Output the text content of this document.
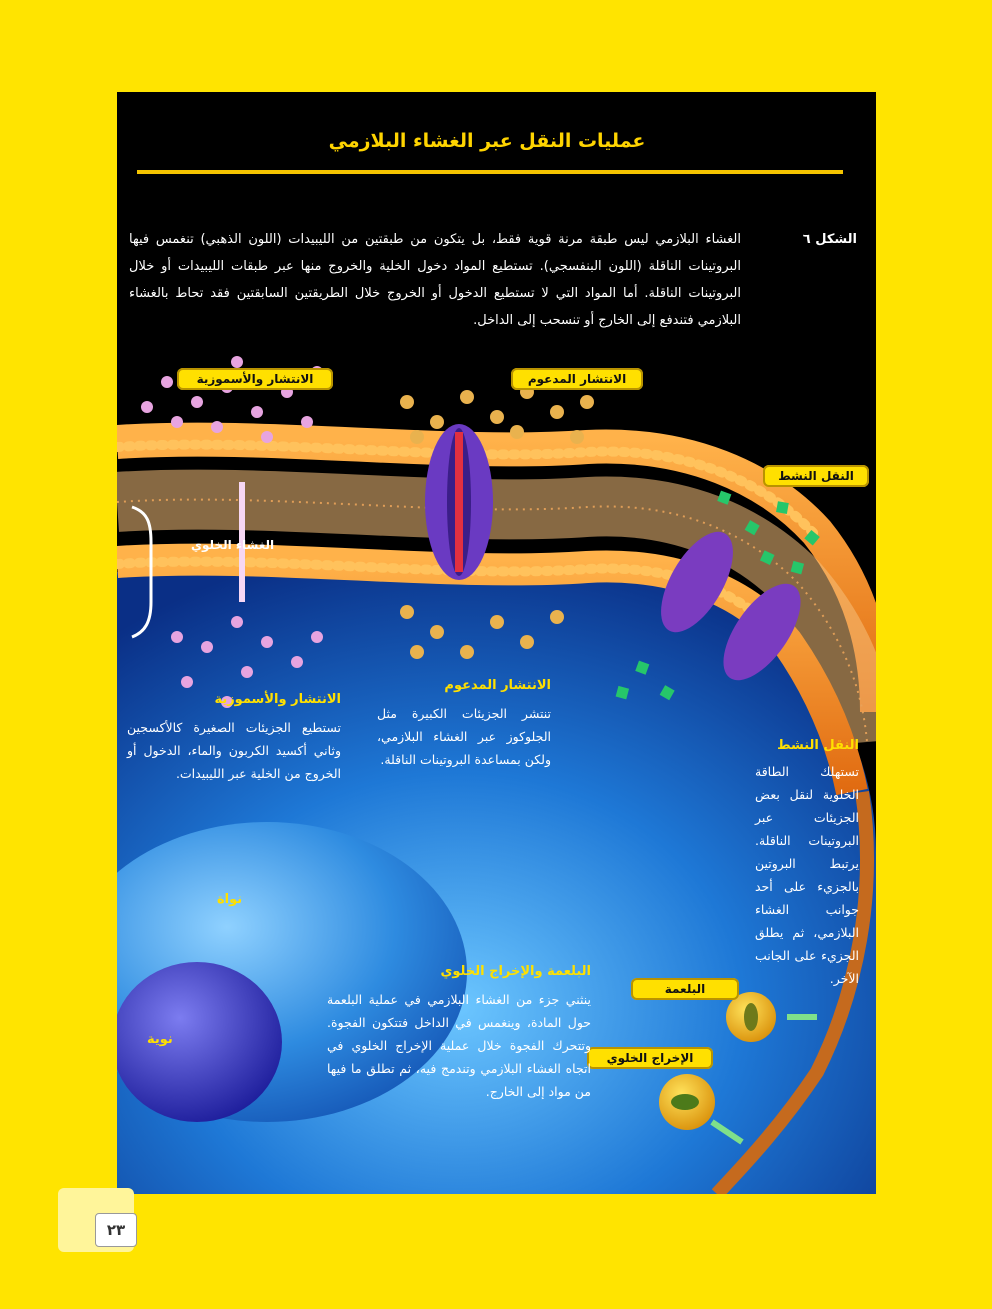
عمليات النقل عبر الغشاء البلازمي
الشكل ٦
الغشاء البلازمي ليس طبقة مرنة قوية فقط، بل يتكون من طبقتين من الليبيدات (اللون الذهبي) تنغمس فيها البروتينات الناقلة (اللون البنفسجي). تستطيع المواد دخول الخلية والخروج منها عبر طبقات الليبيدات أو خلال البروتينات الناقلة. أما المواد التي لا تستطيع الدخول أو الخروج خلال الطريقتين السابقتين فقد تحاط بالغشاء البلازمي فتندفع إلى الخارج أو تنسحب إلى الداخل.
الانتشار والأسموزية	الانتشار المدعوم
النقل النشط
البلعمة
الإخراج الخلوي
الغشاء الخلوي
الانتشار والأسموزية
تستطيع الجزيئات الصغيرة كالأكسجين وثاني أكسيد الكربون والماء، الدخول أو الخروج من الخلية عبر الليبيدات.
الانتشار المدعوم
تنتشر الجزيئات الكبيرة مثل الجلوكوز عبر الغشاء البلازمي، ولكن بمساعدة البروتينات الناقلة.
النقل النشط
تستهلك الطاقة الخلوية لنقل بعض الجزيئات عبر البروتينات الناقلة. يرتبط البروتين بالجزيء على أحد جوانب الغشاء البلازمي، ثم يطلق الجزيء على الجانب الآخر.
البلعمة والإخراج الخلوي
ينثني جزء من الغشاء البلازمي في عملية البلعمة حول المادة، وينغمس في الداخل فتتكون الفجوة. وتتحرك الفجوة خلال عملية الإخراج الخلوي في اتجاه الغشاء البلازمي وتندمج فيه، ثم تطلق ما فيها من مواد إلى الخارج.
نواة
نوية
٢٣
